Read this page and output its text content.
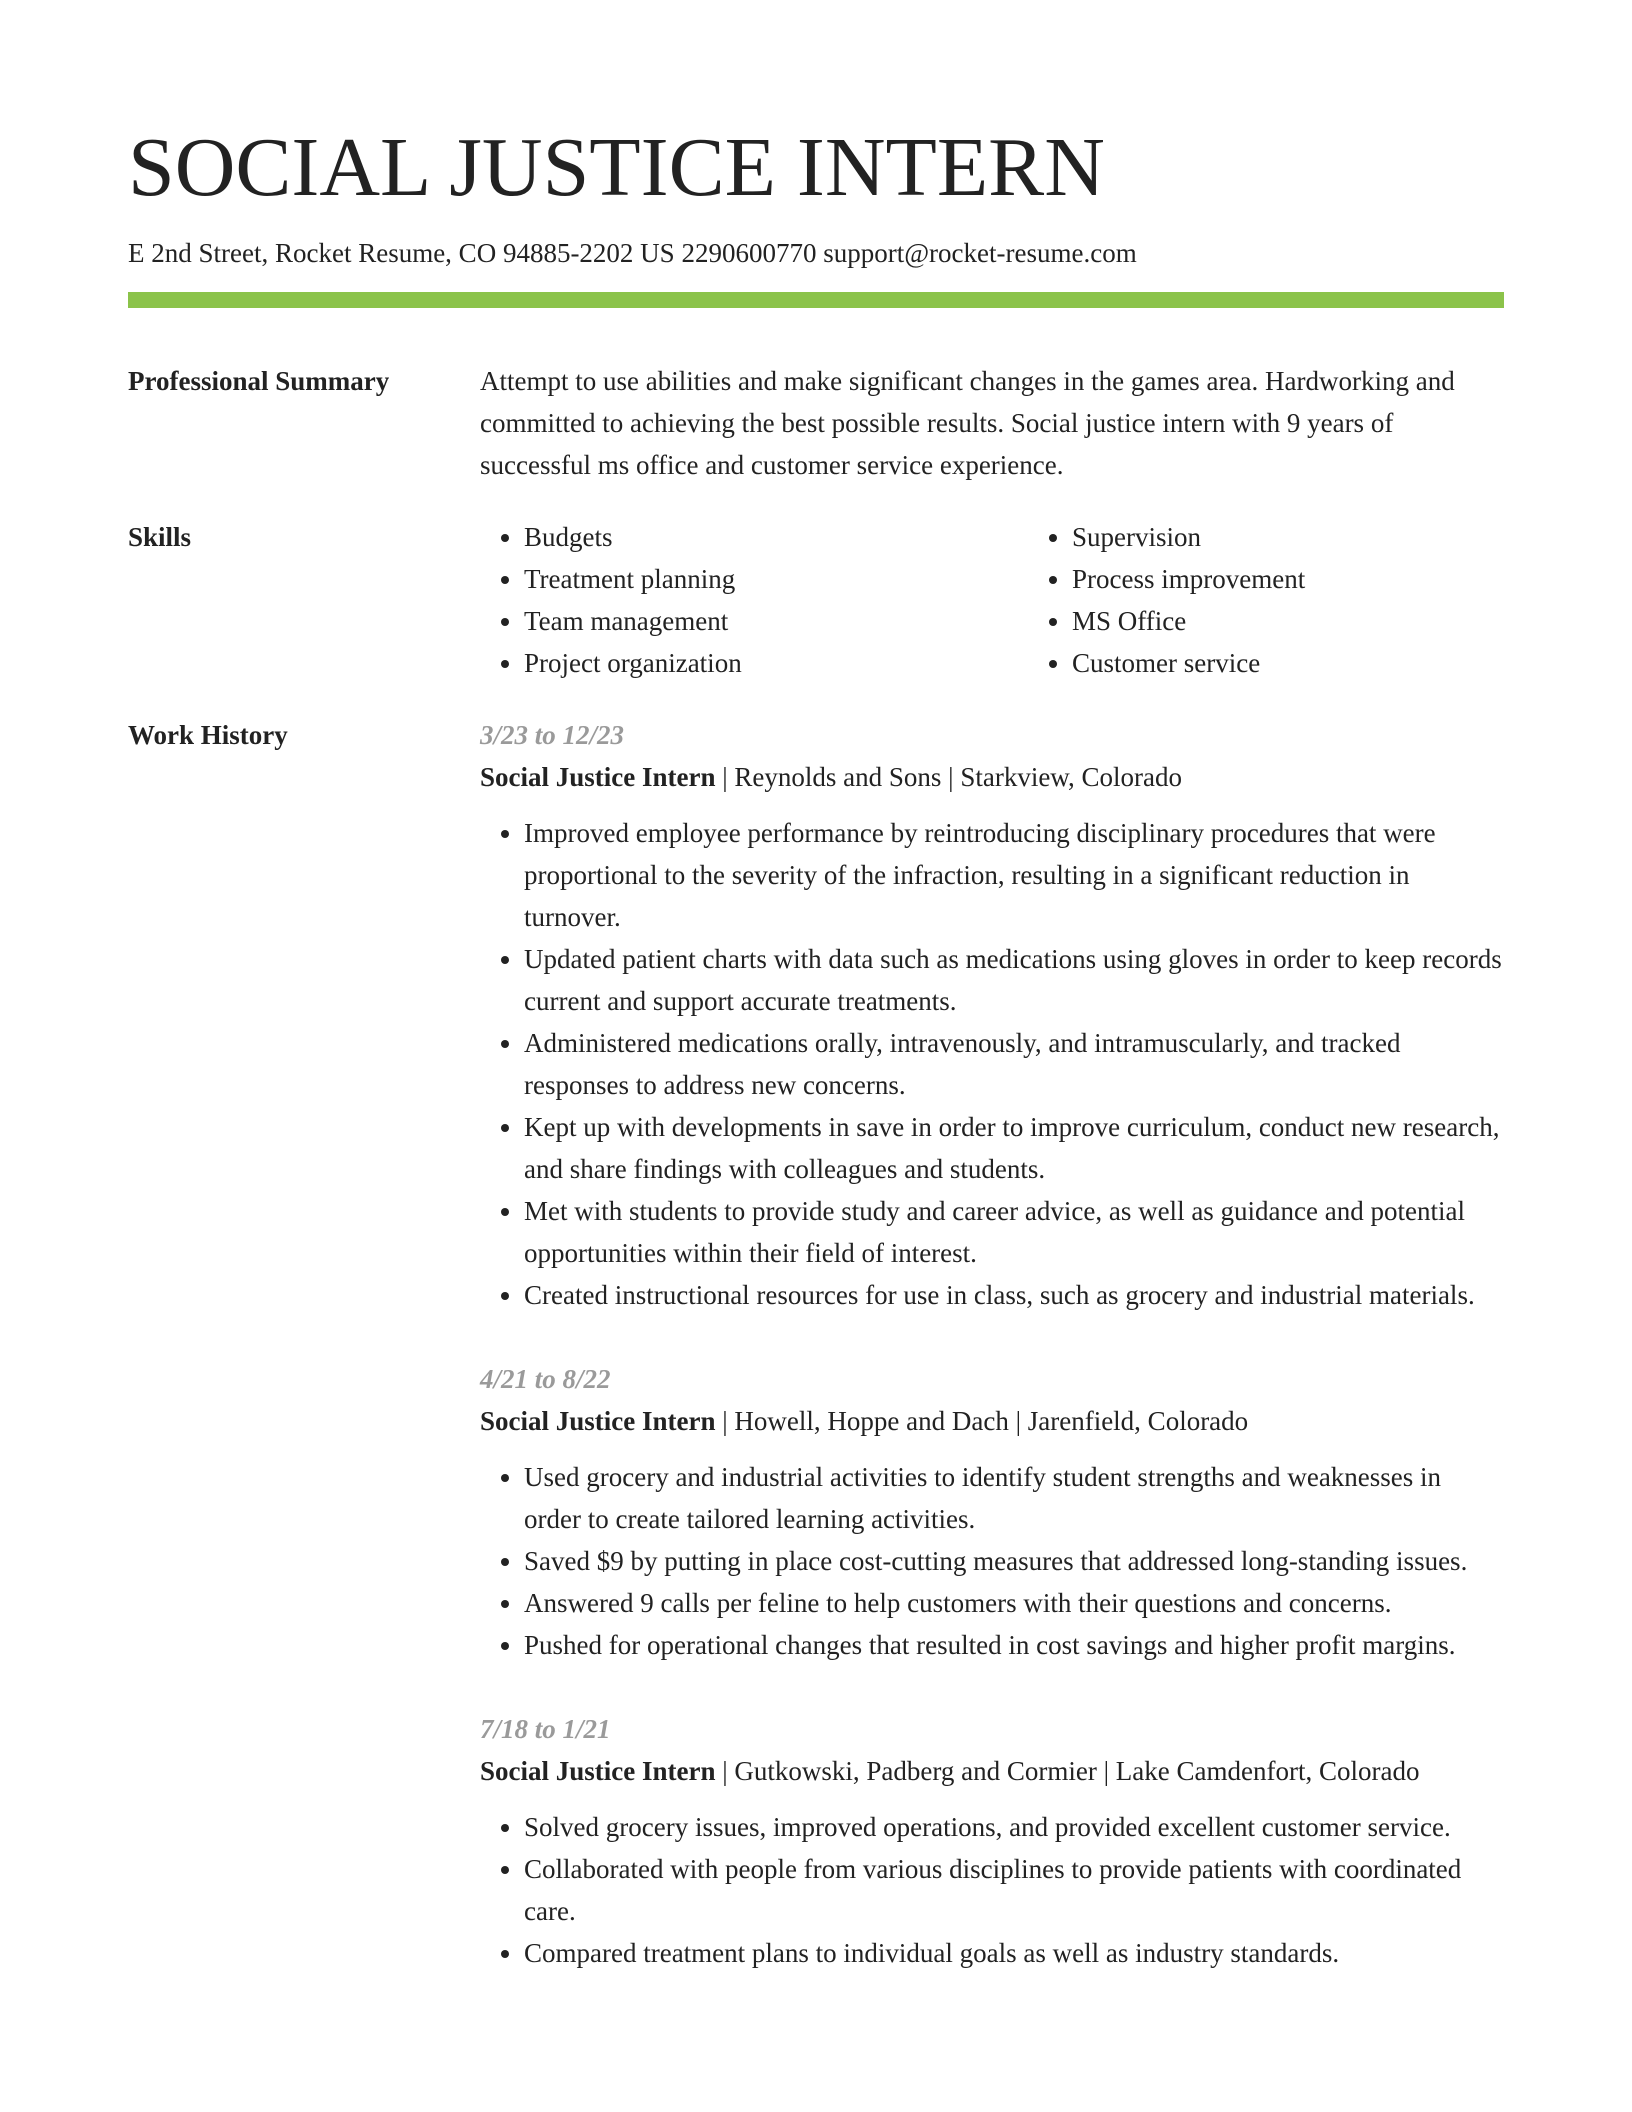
SOCIAL JUSTICE INTERN
E 2nd Street, Rocket Resume, CO 94885-2202 US 2290600770 support@rocket-resume.com
Professional Summary	Attempt to use abilities and make significant changes in the games area. Hardworking and committed to achieving the best possible results. Social justice intern with 9 years of successful ms office and customer service experience.

Skills
•	Budgets
• Treatment planning
• Team management
• Project organization
• Supervision
• Process improvement
• MS Office
• Customer service
Work History	3/23 to 12/23
Social Justice Intern | Reynolds and Sons | Starkview, Colorado
• Improved employee performance by reintroducing disciplinary procedures that were proportional to the severity of the infraction, resulting in a significant reduction in turnover.
• Updated patient charts with data such as medications using gloves in order to keep records current and support accurate treatments.
• Administered medications orally, intravenously, and intramuscularly, and tracked responses to address new concerns.
• Kept up with developments in save in order to improve curriculum, conduct new research, and share findings with colleagues and students.
• Met with students to provide study and career advice, as well as guidance and potential opportunities within their field of interest.
• Created instructional resources for use in class, such as grocery and industrial materials.
4/21 to 8/22
Social Justice Intern | Howell, Hoppe and Dach | Jarenfield, Colorado
• Used grocery and industrial activities to identify student strengths and weaknesses in order to create tailored learning activities.
• Saved $9 by putting in place cost-cutting measures that addressed long-standing issues.
• Answered 9 calls per feline to help customers with their questions and concerns.
• Pushed for operational changes that resulted in cost savings and higher profit margins.
7/18 to 1/21
Social Justice Intern | Gutkowski, Padberg and Cormier | Lake Camdenfort, Colorado
• Solved grocery issues, improved operations, and provided excellent customer service.
• Collaborated with people from various disciplines to provide patients with coordinated care.
• Compared treatment plans to individual goals as well as industry standards.
